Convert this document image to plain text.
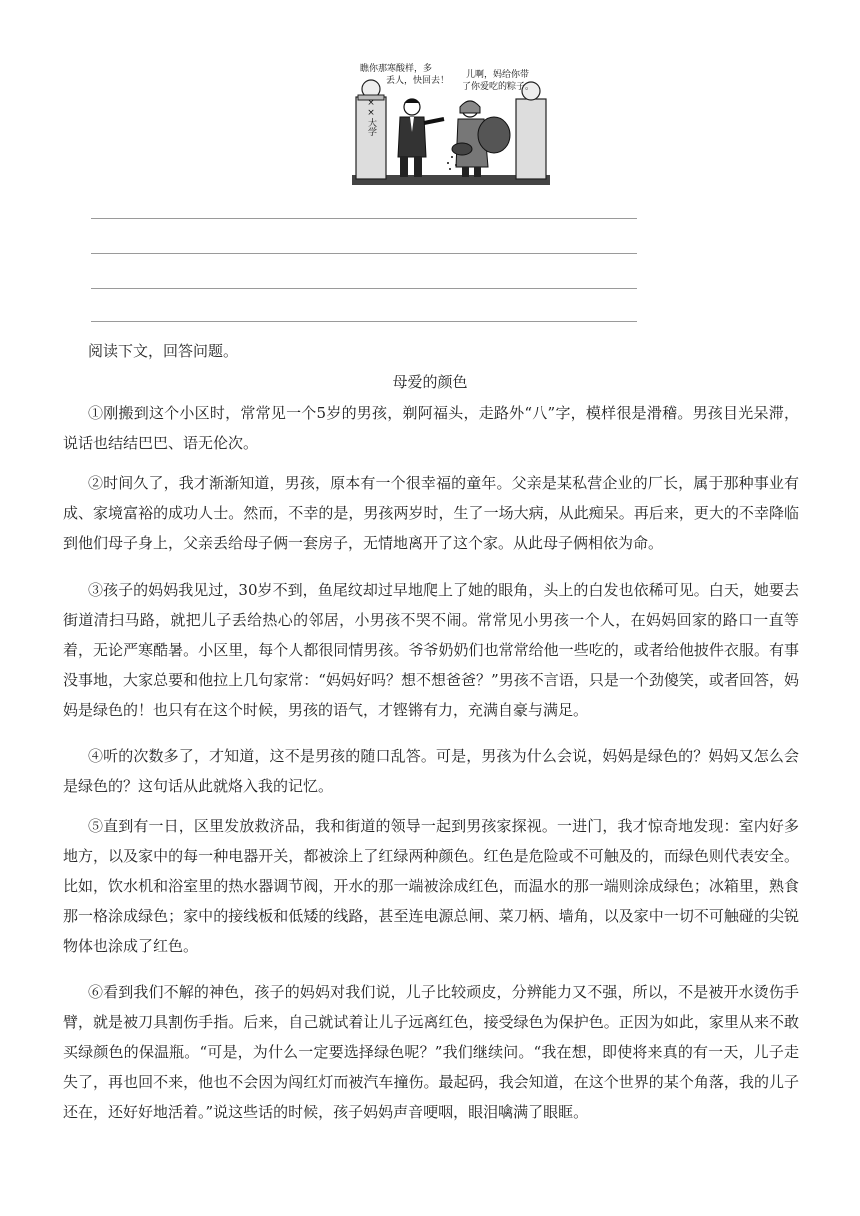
××大学
瞧你那寒酸样，多
丢人，快回去！
儿啊，妈给你带
了你爱吃的粽子。

阅读下文，回答问题。

母爱的颜色

①刚搬到这个小区时，常常见一个5岁的男孩，剃阿福头，走路外“八”字，模样很是滑稽。男孩目光呆滞，说话也结结巴巴、语无伦次。

②时间久了，我才渐渐知道，男孩，原本有一个很幸福的童年。父亲是某私营企业的厂长，属于那种事业有成、家境富裕的成功人士。然而，不幸的是，男孩两岁时，生了一场大病，从此痴呆。再后来，更大的不幸降临到他们母子身上，父亲丢给母子俩一套房子，无情地离开了这个家。从此母子俩相依为命。

③孩子的妈妈我见过，30岁不到，鱼尾纹却过早地爬上了她的眼角，头上的白发也依稀可见。白天，她要去街道清扫马路，就把儿子丢给热心的邻居，小男孩不哭不闹。常常见小男孩一个人，在妈妈回家的路口一直等着，无论严寒酷暑。小区里，每个人都很同情男孩。爷爷奶奶们也常常给他一些吃的，或者给他披件衣服。有事没事地，大家总要和他拉上几句家常：“妈妈好吗？想不想爸爸？”男孩不言语，只是一个劲傻笑，或者回答，妈妈是绿色的！也只有在这个时候，男孩的语气，才铿锵有力，充满自豪与满足。

④听的次数多了，才知道，这不是男孩的随口乱答。可是，男孩为什么会说，妈妈是绿色的？妈妈又怎么会是绿色的？这句话从此就烙入我的记忆。

⑤直到有一日，区里发放救济品，我和街道的领导一起到男孩家探视。一进门，我才惊奇地发现：室内好多地方，以及家中的每一种电器开关，都被涂上了红绿两种颜色。红色是危险或不可触及的，而绿色则代表安全。比如，饮水机和浴室里的热水器调节阀，开水的那一端被涂成红色，而温水的那一端则涂成绿色；冰箱里，熟食那一格涂成绿色；家中的接线板和低矮的线路，甚至连电源总闸、菜刀柄、墙角，以及家中一切不可触碰的尖锐物体也涂成了红色。

⑥看到我们不解的神色，孩子的妈妈对我们说，儿子比较顽皮，分辨能力又不强，所以，不是被开水烫伤手臂，就是被刀具割伤手指。后来，自己就试着让儿子远离红色，接受绿色为保护色。正因为如此，家里从来不敢买绿颜色的保温瓶。“可是，为什么一定要选择绿色呢？”我们继续问。“我在想，即使将来真的有一天，儿子走失了，再也回不来，他也不会因为闯红灯而被汽车撞伤。最起码，我会知道，在这个世界的某个角落，我的儿子还在，还好好地活着。”说这些话的时候，孩子妈妈声音哽咽，眼泪噙满了眼眶。
